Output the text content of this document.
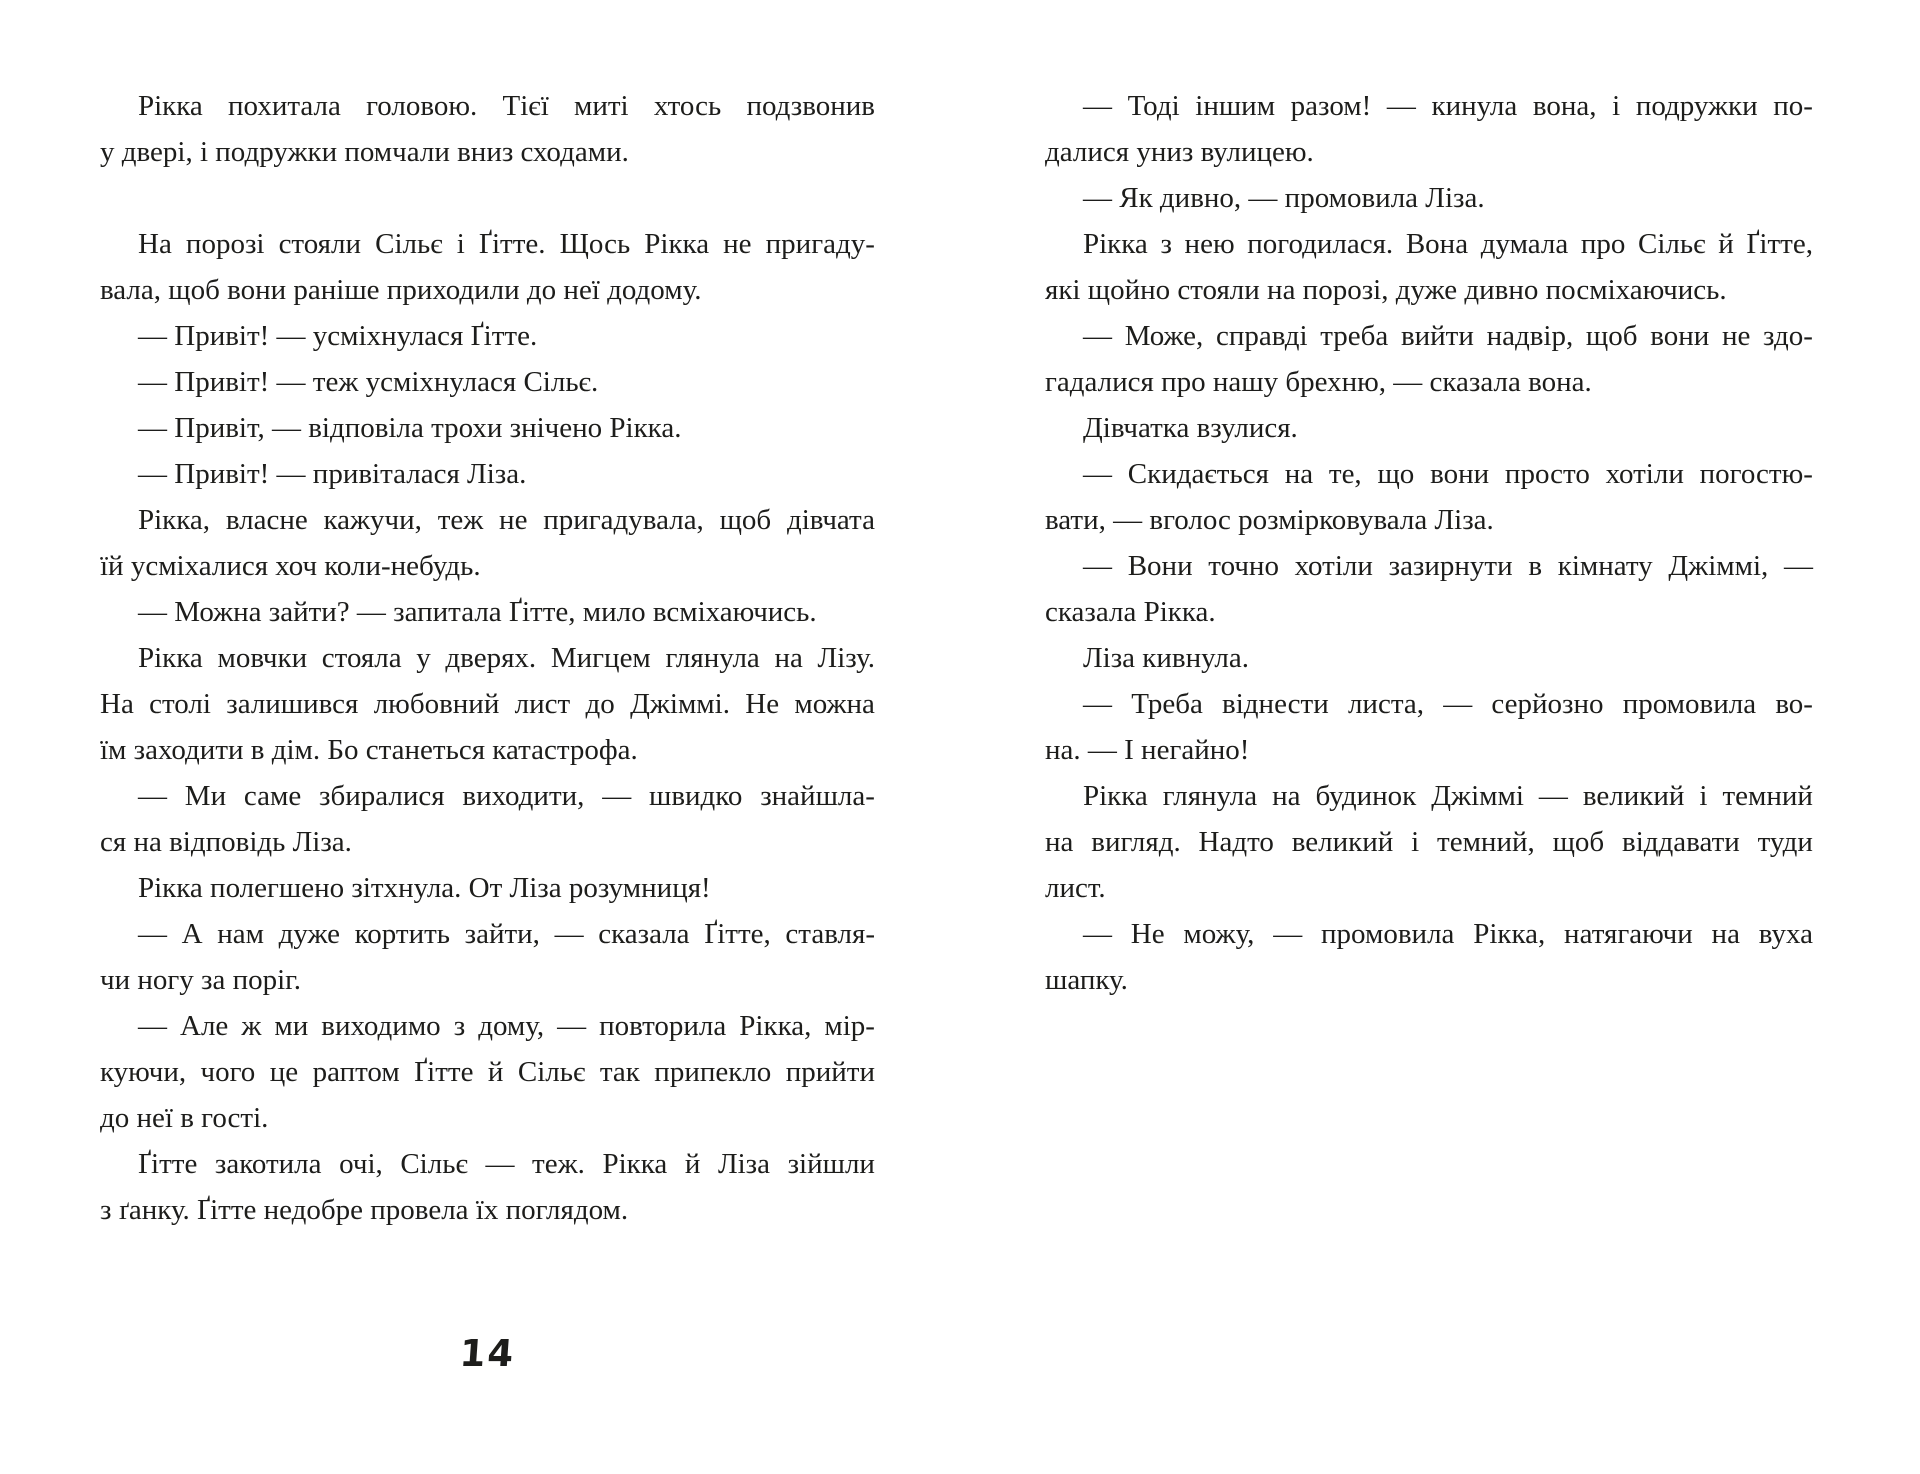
Рікка похитала головою. Тієї миті хтось подзвонив
у двері, і подружки помчали вниз сходами.
На порозі стояли Сільє і Ґітте. Щось Рікка не пригаду-
вала, щоб вони раніше приходили до неї додому.
— Привіт! — усміхнулася Ґітте.
— Привіт! — теж усміхнулася Сільє.
— Привіт, — відповіла трохи знічено Рікка.
— Привіт! — привіталася Ліза.
Рікка, власне кажучи, теж не пригадувала, щоб дівчата
їй усміхалися хоч коли-небудь.
— Можна зайти? — запитала Ґітте, мило всміхаючись.
Рікка мовчки стояла у дверях. Мигцем глянула на Лізу.
На столі залишився любовний лист до Джіммі. Не можна
їм заходити в дім. Бо станеться катастрофа.
— Ми саме збиралися виходити, — швидко знайшла-
ся на відповідь Ліза.
Рікка полегшено зітхнула. От Ліза розумниця!
— А нам дуже кортить зайти, — сказала Ґітте, ставля-
чи ногу за поріг.
— Але ж ми виходимо з дому, — повторила Рікка, мір-
куючи, чого це раптом Ґітте й Сільє так припекло прийти
до неї в гості.
Ґітте закотила очі, Сільє — теж. Рікка й Ліза зійшли
з ґанку. Ґітте недобре провела їх поглядом.
— Тоді іншим разом! — кинула вона, і подружки по-
далися униз вулицею.
— Як дивно, — промовила Ліза.
Рікка з нею погодилася. Вона думала про Сільє й Ґітте,
які щойно стояли на порозі, дуже дивно посміхаючись.
— Може, справді треба вийти надвір, щоб вони не здо-
гадалися про нашу брехню, — сказала вона.
Дівчатка взулися.
— Скидається на те, що вони просто хотіли погостю-
вати, — вголос розмірковувала Ліза.
— Вони точно хотіли зазирнути в кімнату Джіммі, —
сказала Рікка.
Ліза кивнула.
— Треба віднести листа, — серйозно промовила во-
на. — І негайно!
Рікка глянула на будинок Джіммі — великий і темний
на вигляд. Надто великий і темний, щоб віддавати туди
лист.
— Не можу, — промовила Рікка, натягаючи на вуха
шапку.
14
